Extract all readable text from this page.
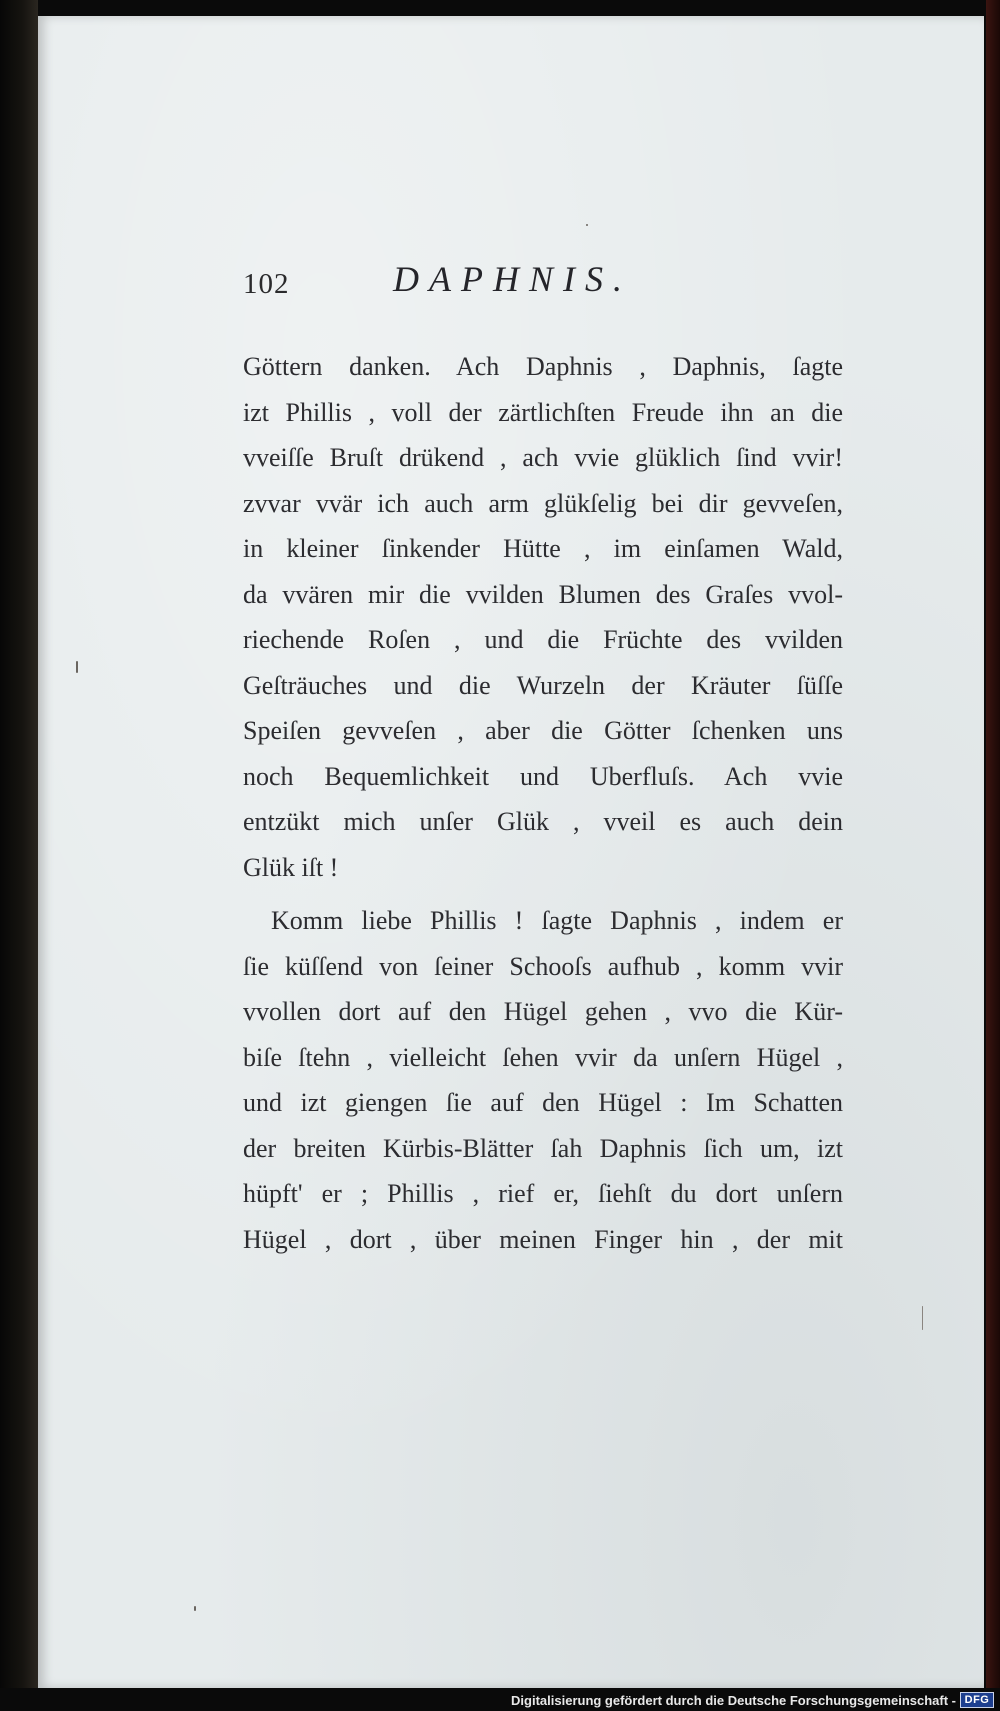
102	DAPHNIS.
Göttern danken. Ach Daphnis , Daphnis, ſagte
izt Phillis , voll der zärtlichſten Freude ihn an die
vveiſſe Bruſt drükend , ach vvie glüklich ſind vvir!
zvvar vvär ich auch arm glükſelig bei dir gevveſen,
in kleiner ſinkender Hütte , im einſamen Wald,
da vvären mir die vvilden Blumen des Graſes vvol-
riechende Roſen , und die Früchte des vvilden
Geſträuches und die Wurzeln der Kräuter ſüſſe
Speiſen gevveſen , aber die Götter ſchenken uns
noch Bequemlichkeit und Uberfluſs. Ach vvie
entzükt mich unſer Glük , vveil es auch dein
Glük iſt !
Komm liebe Phillis ! ſagte Daphnis , indem er
ſie küſſend von ſeiner Schooſs aufhub , komm vvir
vvollen dort auf den Hügel gehen , vvo die Kür-
biſe ſtehn , vielleicht ſehen vvir da unſern Hügel ,
und izt giengen ſie auf den Hügel : Im Schatten
der breiten Kürbis-Blätter ſah Daphnis ſich um, izt
hüpft' er ; Phillis , rief er, ſiehſt du dort unſern
Hügel , dort , über meinen Finger hin , der mit
Digitalisierung gefördert durch die Deutsche Forschungsgemeinschaft - DFG
